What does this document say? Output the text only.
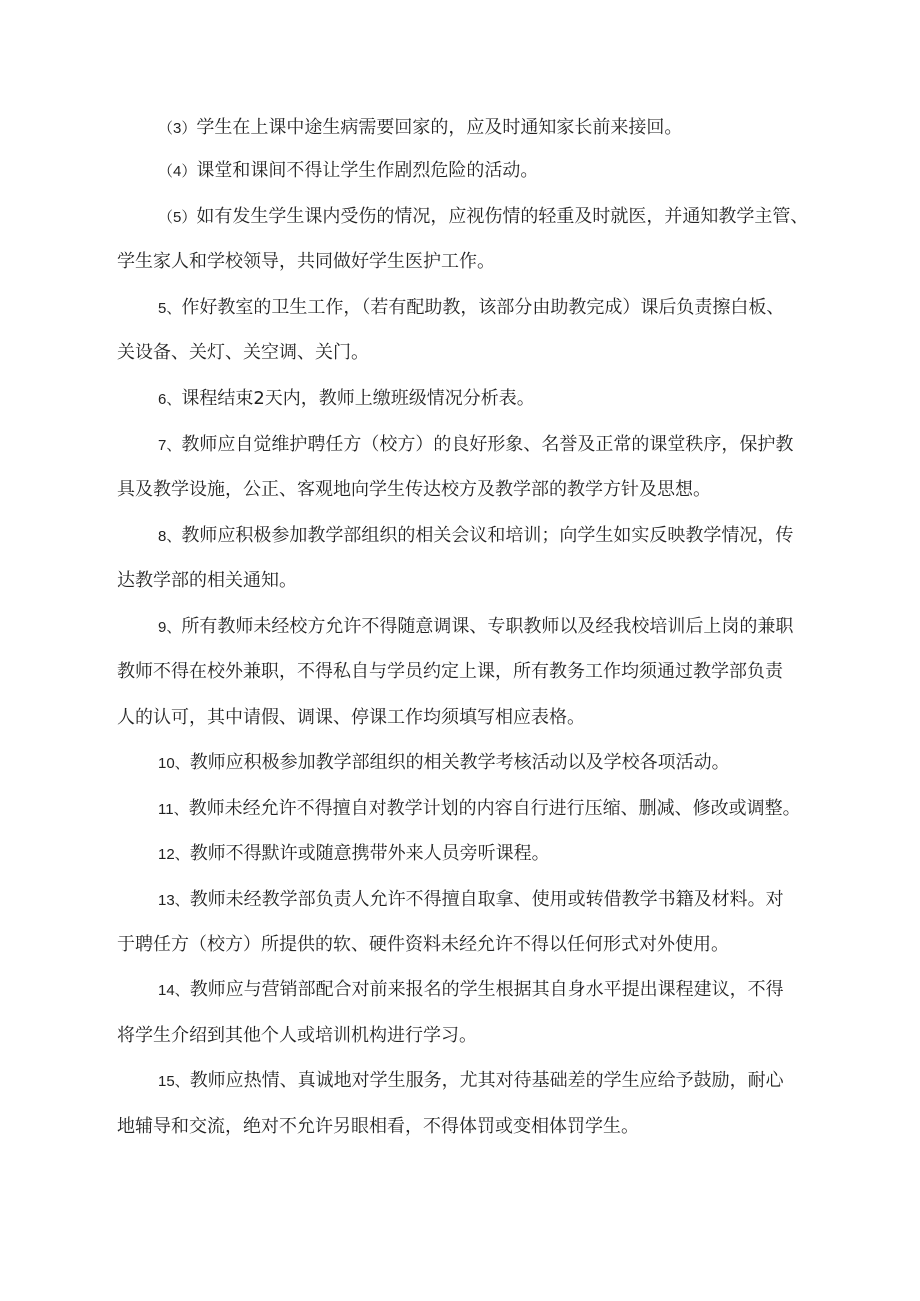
（3）学生在上课中途生病需要回家的，应及时通知家长前来接回。
（4）课堂和课间不得让学生作剧烈危险的活动。
（5）如有发生学生课内受伤的情况，应视伤情的轻重及时就医，并通知教学主管、
学生家人和学校领导，共同做好学生医护工作。
5、作好教室的卫生工作，（若有配助教，该部分由助教完成）课后负责擦白板、
关设备、关灯、关空调、关门。
6、课程结束2天内，教师上缴班级情况分析表。
7、教师应自觉维护聘任方（校方）的良好形象、名誉及正常的课堂秩序，保护教
具及教学设施，公正、客观地向学生传达校方及教学部的教学方针及思想。
8、教师应积极参加教学部组织的相关会议和培训；向学生如实反映教学情况，传
达教学部的相关通知。
9、所有教师未经校方允许不得随意调课、专职教师以及经我校培训后上岗的兼职
教师不得在校外兼职，不得私自与学员约定上课，所有教务工作均须通过教学部负责
人的认可，其中请假、调课、停课工作均须填写相应表格。
10、教师应积极参加教学部组织的相关教学考核活动以及学校各项活动。
11、教师未经允许不得擅自对教学计划的内容自行进行压缩、删减、修改或调整。
12、教师不得默许或随意携带外来人员旁听课程。
13、教师未经教学部负责人允许不得擅自取拿、使用或转借教学书籍及材料。对
于聘任方（校方）所提供的软、硬件资料未经允许不得以任何形式对外使用。
14、教师应与营销部配合对前来报名的学生根据其自身水平提出课程建议，不得
将学生介绍到其他个人或培训机构进行学习。
15、教师应热情、真诚地对学生服务，尤其对待基础差的学生应给予鼓励，耐心
地辅导和交流，绝对不允许另眼相看，不得体罚或变相体罚学生。
